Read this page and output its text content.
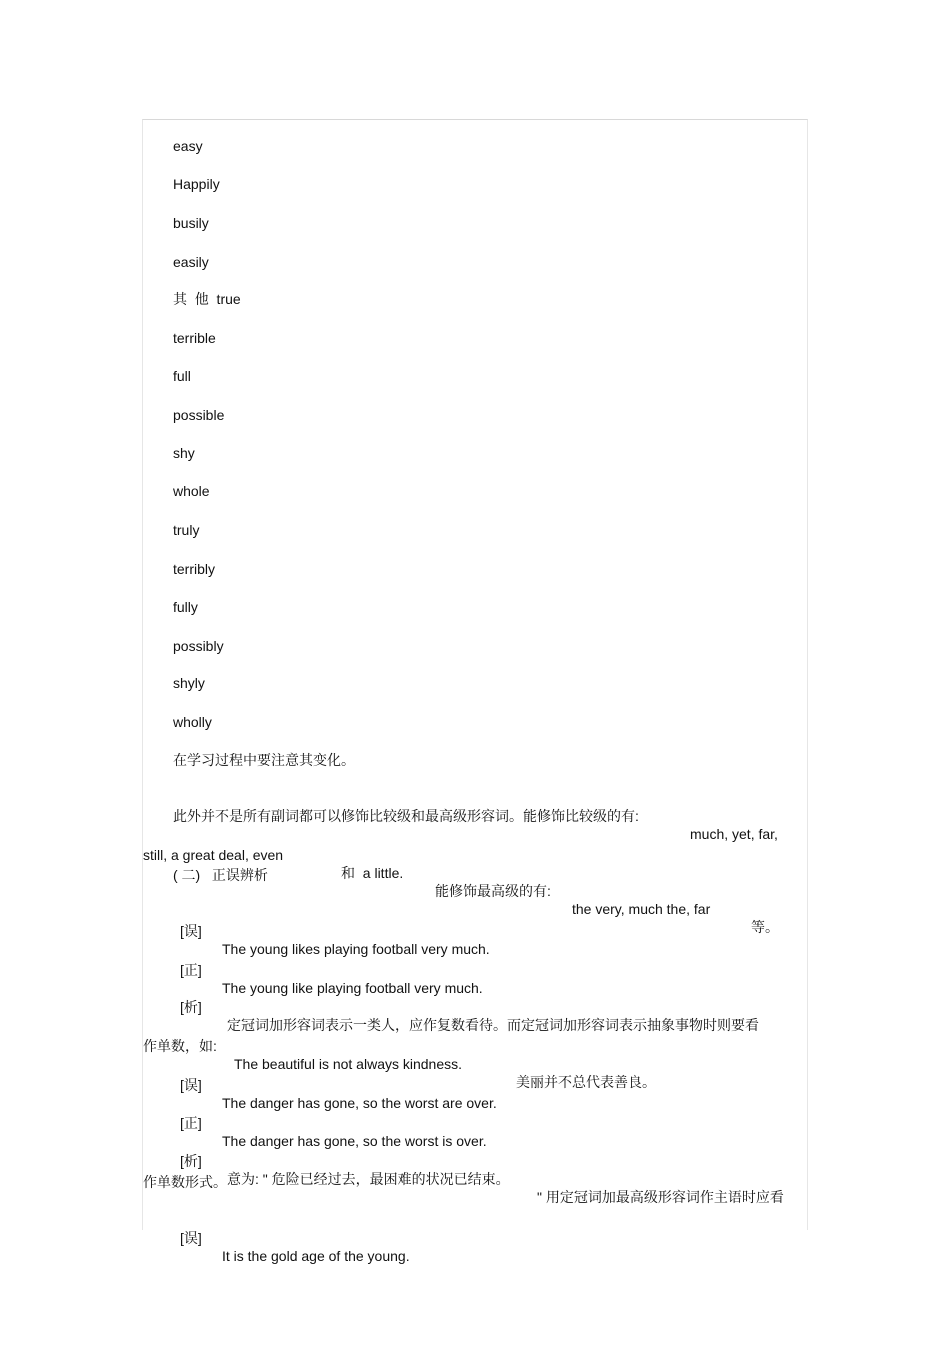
easy
Happily
busily
easily
其  他  true
terrible
full
possible
shy
whole
truly
terribly
fully
possibly
shyly
wholly
在学习过程中要注意其变化。

此外并不是所有副词都可以修饰比较级和最高级形容词。能修饰比较级的有:

much, yet, far,

still, a great deal, even

和  a little.

能修饰最高级的有:

the very, much the, far

等。

( 二)   正误辨析

[误]

The young likes playing football very much.

[正]

The young like playing football very much.

[析]

定冠词加形容词表示一类人，应作复数看待。而定冠词加形容词表示抽象事物时则要看

作单数，如:

The beautiful is not always kindness.

美丽并不总代表善良。

[误]

The danger has gone, so the worst are over.

[正]

The danger has gone, so the worst is over.

[析]

意为: " 危险已经过去，最困难的状况已结束。

" 用定冠词加最高级形容词作主语时应看

作单数形式。

[误]

It is the gold age of the young.
